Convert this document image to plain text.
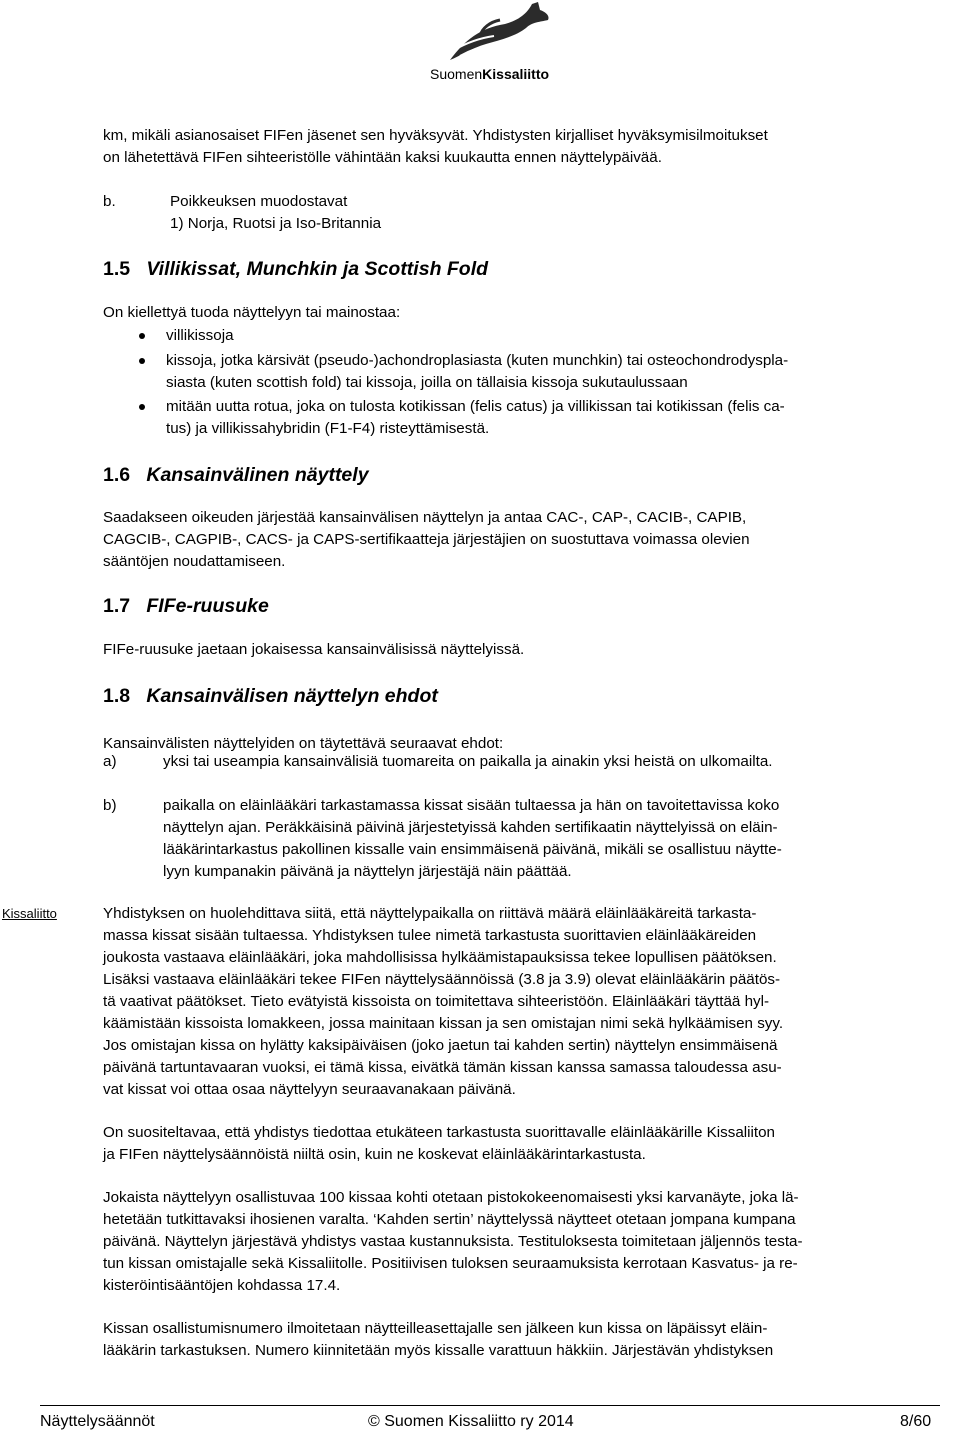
SuomenKissaliitto
km, mikäli asianosaiset FIFen jäsenet sen hyväksyvät. Yhdistysten kirjalliset hyväksymisilmoitukset
on lähetettävä FIFen sihteeristölle vähintään kaksi kuukautta ennen näyttelypäivää.
b.	Poikkeuksen muodostavat
1) Norja, Ruotsi ja Iso-Britannia
1.5 Villikissat, Munchkin ja Scottish Fold
On kiellettyä tuoda näyttelyyn tai mainostaa:
villikissoja
kissoja, jotka kärsivät (pseudo-)achondroplasiasta (kuten munchkin) tai osteochondrodyspla-
siasta (kuten scottish fold) tai kissoja, joilla on tällaisia kissoja sukutaulussaan
mitään uutta rotua, joka on tulosta kotikissan (felis catus) ja villikissan tai kotikissan (felis ca-
tus) ja villikissahybridin (F1-F4) risteyttämisestä.
1.6 Kansainvälinen näyttely
Saadakseen oikeuden järjestää kansainvälisen näyttelyn ja antaa CAC-, CAP-, CACIB-, CAPIB,
CAGCIB-, CAGPIB-, CACS- ja CAPS-sertifikaatteja järjestäjien on suostuttava voimassa olevien
sääntöjen noudattamiseen.
1.7 FIFe-ruusuke
FIFe-ruusuke jaetaan jokaisessa kansainvälisissä näyttelyissä.
1.8 Kansainvälisen näyttelyn ehdot
Kansainvälisten näyttelyiden on täytettävä seuraavat ehdot:
a)	yksi tai useampia kansainvälisiä tuomareita on paikalla ja ainakin yksi heistä on ulkomailta.
b)	paikalla on eläinlääkäri tarkastamassa kissat sisään tultaessa ja hän on tavoitettavissa koko
näyttelyn ajan. Peräkkäisinä päivinä järjestetyissä kahden sertifikaatin näyttelyissä on eläin-
lääkärintarkastus pakollinen kissalle vain ensimmäisenä päivänä, mikäli se osallistuu näytte-
lyyn kumpanakin päivänä ja näyttelyn järjestäjä näin päättää.
Kissaliitto	Yhdistyksen on huolehdittava siitä, että näyttelypaikalla on riittävä määrä eläinlääkäreitä tarkasta-
massa kissat sisään tultaessa. Yhdistyksen tulee nimetä tarkastusta suorittavien eläinlääkäreiden
joukosta vastaava eläinlääkäri, joka mahdollisissa hylkäämistapauksissa tekee lopullisen päätöksen.
Lisäksi vastaava eläinlääkäri tekee FIFen näyttelysäännöissä (3.8 ja 3.9) olevat eläinlääkärin päätös-
tä vaativat päätökset. Tieto evätyistä kissoista on toimitettava sihteeristöön. Eläinlääkäri täyttää hyl-
käämistään kissoista lomakkeen, jossa mainitaan kissan ja sen omistajan nimi sekä hylkäämisen syy.
Jos omistajan kissa on hylätty kaksipäiväisen (joko jaetun tai kahden sertin) näyttelyn ensimmäisenä
päivänä tartuntavaaran vuoksi, ei tämä kissa, eivätkä tämän kissan kanssa samassa taloudessa asu-
vat kissat voi ottaa osaa näyttelyyn seuraavanakaan päivänä.
On suositeltavaa, että yhdistys tiedottaa etukäteen tarkastusta suorittavalle eläinlääkärille Kissaliiton
ja FIFen näyttelysäännöistä niiltä osin, kuin ne koskevat eläinlääkärintarkastusta.
Jokaista näyttelyyn osallistuvaa 100 kissaa kohti otetaan pistokokeenomaisesti yksi karvanäyte, joka lä-
hetetään tutkittavaksi ihosienen varalta. ‘Kahden sertin’ näyttelyssä näytteet otetaan jompana kumpana
päivänä. Näyttelyn järjestävä yhdistys vastaa kustannuksista. Testituloksesta toimitetaan jäljennös testa-
tun kissan omistajalle sekä Kissaliitolle. Positiivisen tuloksen seuraamuksista kerrotaan Kasvatus- ja re-
kisteröintisääntöjen kohdassa 17.4.
Kissan osallistumisnumero ilmoitetaan näytteilleasettajalle sen jälkeen kun kissa on läpäissyt eläin-
lääkärin tarkastuksen. Numero kiinnitetään myös kissalle varattuun häkkiin. Järjestävän yhdistyksen
Näyttelysäännöt	© Suomen Kissaliitto ry 2014	8/60
